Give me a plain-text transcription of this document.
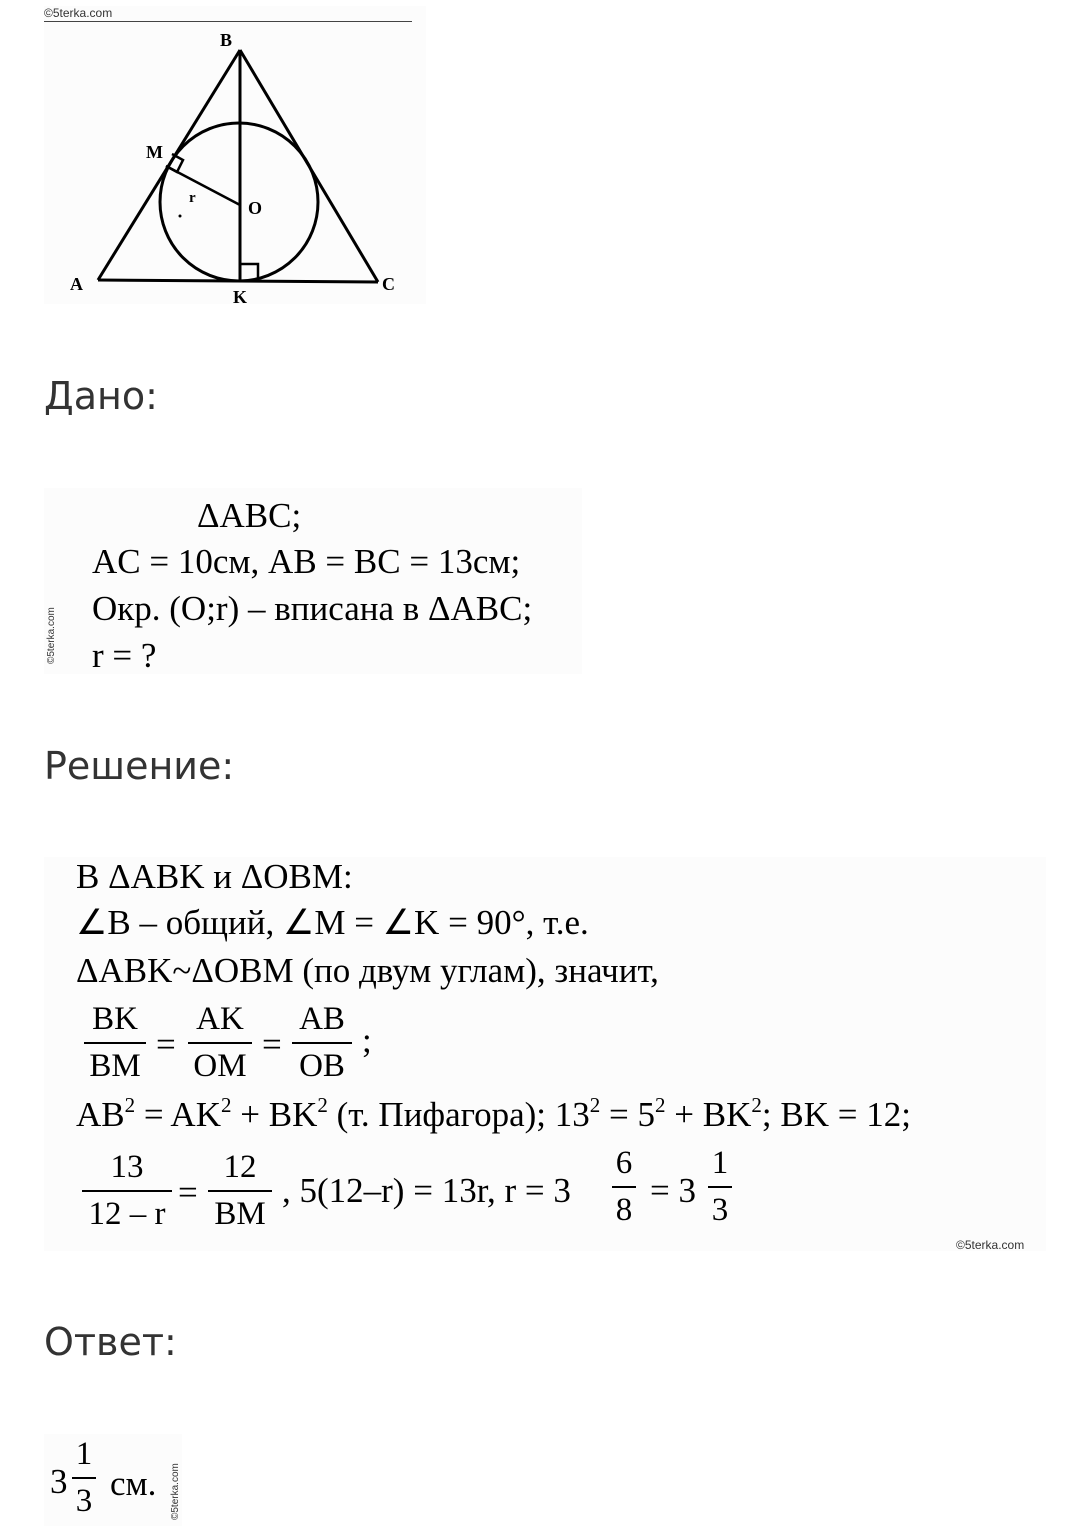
©5terka.com
B
M
r	O
A
K
C
Дано:
©5terka.com
ΔABC;
AC = 10см, AB = BC = 13см;
Окр. (O;r) – вписана в ΔABC;
r = ?
Решение:
В ΔABK и ΔOBM:
∠B – общий, ∠M = ∠K = 90°, т.е.
ΔABK~ΔOBM (по двум углам), значит,
BK
BM
=
AK
OM
=
AB
OB
;
$AB^2 = AK^2 + BK^2$ (т. Пифагора); $13^2 = 5^2 + BK^2$; BK = 12;
13
12 – r
=
12
BM
, 5(12–r) = 13r, r = 3
6
8 = 3
1
3
©5terka.com
Ответ:
3
1
3 см. ©5terka.com
